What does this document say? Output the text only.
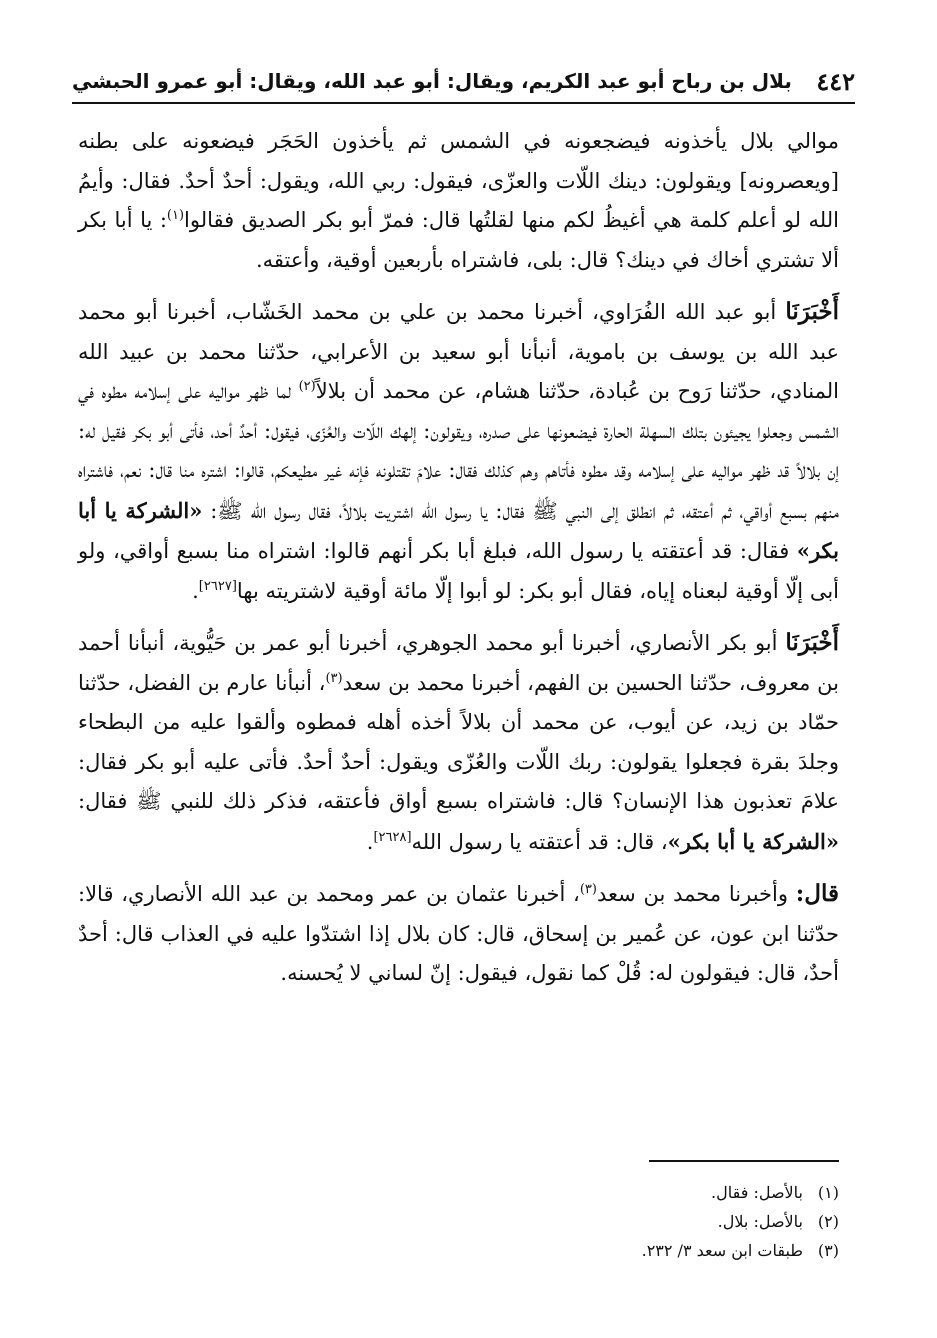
٤٤٢
بلال بن رباح أبو عبد الكريم، ويقال: أبو عبد الله، ويقال: أبو عمرو الحبشي

موالي بلال يأخذونه فيضجعونه في الشمس ثم يأخذون الحَجَر فيضعونه على بطنه [ويعصرونه] ويقولون: دينك اللّات والعزّى، فيقول: ربي الله، ويقول: أحدٌ أحدٌ. فقال: وأيمُ الله لو أعلم كلمة هي أغيظُ لكم منها لقلتُها قال: فمرّ أبو بكر الصديق فقالوا$^{(١)}$: يا أبا بكر ألا تشتري أخاك في دينك؟ قال: بلى، فاشتراه بأربعين أوقية، وأعتقه.

أَخْبَرَنَا أبو عبد الله الفُرَاوي، أخبرنا محمد بن علي بن محمد الخَشّاب، أخبرنا أبو محمد عبد الله بن يوسف بن باموية، أنبأنا أبو سعيد بن الأعرابي، حدّثنا محمد بن عبيد الله المنادي، حدّثنا رَوح بن عُبادة، حدّثنا هشام، عن محمد أن بلالاً$^{(٢)}$ لما ظهر مواليه على إسلامه مطوه في الشمس وجعلوا يجيئون بتلك السهلة الحارة فيضعونها على صدره، ويقولون: إلهك اللّات والعُزّى، فيقول: أحدٌ أحد، فأتى أبو بكر فقيل له: إن بلالاً قد ظهر مواليه على إسلامه وقد مطوه فأتاهم وهم كذلك فقال: علامَ تقتلونه فإنه غير مطيعكم، قالوا: اشتره منا قال: نعم، فاشتراه منهم بسبع أواقي، ثم أعتقه، ثم انطلق إلى النبي ﷺ فقال: يا رسول الله اشتريت بلالاً، فقال رسول الله ﷺ: «الشركة يا أبا بكر» فقال: قد أعتقته يا رسول الله، فبلغ أبا بكر أنهم قالوا: اشتراه منا بسبع أواقي، ولو أبى إلّا أوقية لبعناه إياه، فقال أبو بكر: لو أبوا إلّا مائة أوقية لاشتريته بها[٢٦٢٧].

أَخْبَرَنَا أبو بكر الأنصاري، أخبرنا أبو محمد الجوهري، أخبرنا أبو عمر بن حَيُّوية، أنبأنا أحمد بن معروف، حدّثنا الحسين بن الفهم، أخبرنا محمد بن سعد$^{(٣)}$، أنبأنا عارم بن الفضل، حدّثنا حمّاد بن زيد، عن أيوب، عن محمد أن بلالاً أخذه أهله فمطوه وألقوا عليه من البطحاء وجلدَ بقرة فجعلوا يقولون: ربك اللّات والعُزّى ويقول: أحدٌ أحدٌ. فأتى عليه أبو بكر فقال: علامَ تعذبون هذا الإنسان؟ قال: فاشتراه بسبع أواق فأعتقه، فذكر ذلك للنبي ﷺ فقال: «الشركة يا أبا بكر»، قال: قد أعتقته يا رسول الله[٢٦٢٨].

قال: وأخبرنا محمد بن سعد$^{(٣)}$، أخبرنا عثمان بن عمر ومحمد بن عبد الله الأنصاري، قالا: حدّثنا ابن عون، عن عُمير بن إسحاق، قال: كان بلال إذا اشتدّوا عليه في العذاب قال: أحدٌ أحدٌ، قال: فيقولون له: قُلْ كما نقول، فيقول: إنّ لساني لا يُحسنه.

(١)بالأصل: فقال.

(٢)بالأصل: بلال.

(٣)طبقات ابن سعد ٣/ ٢٣٢.
